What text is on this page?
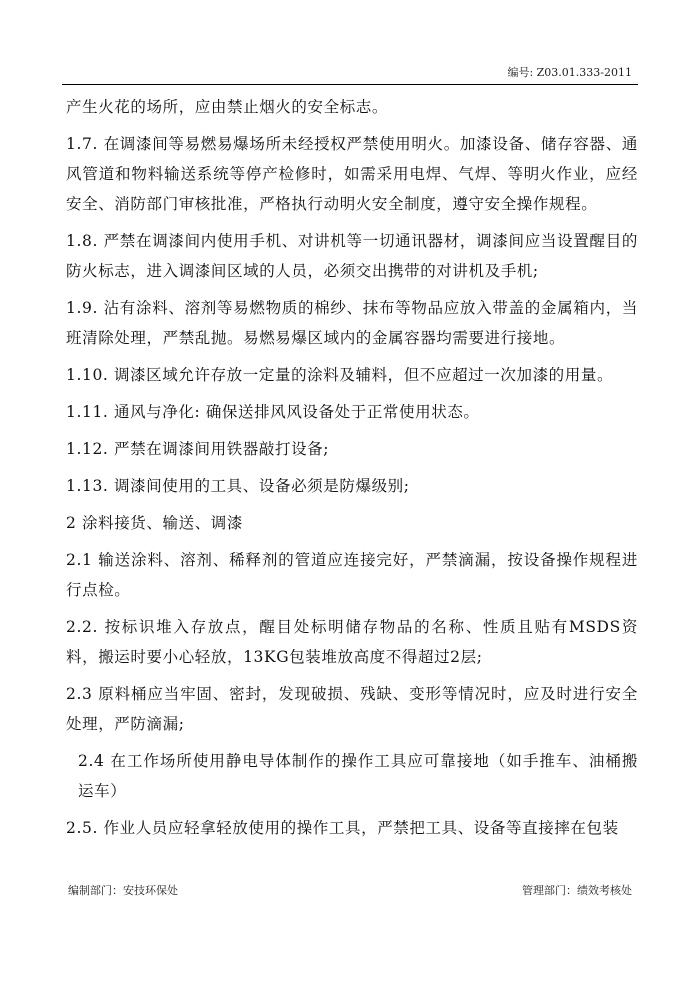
编号: Z03.01.333-2011

产生火花的场所，应由禁止烟火的安全标志。

1.7. 在调漆间等易燃易爆场所未经授权严禁使用明火。加漆设备、储存容器、通风管道和物料输送系统等停产检修时，如需采用电焊、气焊、等明火作业，应经安全、消防部门审核批准，严格执行动明火安全制度，遵守安全操作规程。

1.8. 严禁在调漆间内使用手机、对讲机等一切通讯器材，调漆间应当设置醒目的防火标志，进入调漆间区域的人员，必须交出携带的对讲机及手机;

1.9. 沾有涂料、溶剂等易燃物质的棉纱、抹布等物品应放入带盖的金属箱内，当班清除处理，严禁乱抛。易燃易爆区域内的金属容器均需要进行接地。

1.10. 调漆区域允许存放一定量的涂料及辅料，但不应超过一次加漆的用量。

1.11. 通风与净化: 确保送排风风设备处于正常使用状态。

1.12. 严禁在调漆间用铁器敲打设备;

1.13. 调漆间使用的工具、设备必须是防爆级别;

2 涂料接货、输送、调漆

2.1 输送涂料、溶剂、稀释剂的管道应连接完好，严禁滴漏，按设备操作规程进行点检。

2.2. 按标识堆入存放点，醒目处标明储存物品的名称、性质且贴有MSDS资料，搬运时要小心轻放，13KG包装堆放高度不得超过2层;

2.3 原料桶应当牢固、密封，发现破损、残缺、变形等情况时，应及时进行安全处理，严防滴漏;

2.4 在工作场所使用静电导体制作的操作工具应可靠接地（如手推车、油桶搬运车）

2.5. 作业人员应轻拿轻放使用的操作工具，严禁把工具、设备等直接摔在包装

编制部门：安技环保处	管理部门：绩效考核处
